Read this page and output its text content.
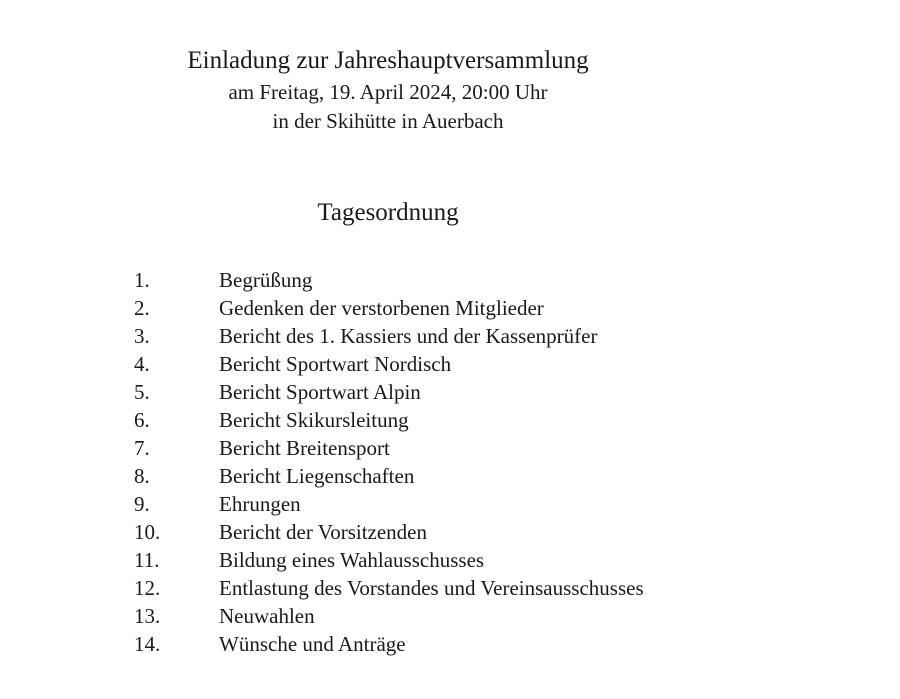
Einladung zur Jahreshauptversammlung
am Freitag, 19. April 2024, 20:00 Uhr
in der Skihütte in Auerbach
Tagesordnung
1.	Begrüßung
2.	Gedenken der verstorbenen Mitglieder
3.	Bericht des 1. Kassiers und der Kassenprüfer
4.	Bericht Sportwart Nordisch
5.	Bericht Sportwart Alpin
6.	Bericht Skikursleitung
7.	Bericht Breitensport
8.	Bericht Liegenschaften
9.	Ehrungen
10.	Bericht der Vorsitzenden
11.	Bildung eines Wahlausschusses
12.	Entlastung des Vorstandes und Vereinsausschusses
13.	Neuwahlen
14.	Wünsche und Anträge
